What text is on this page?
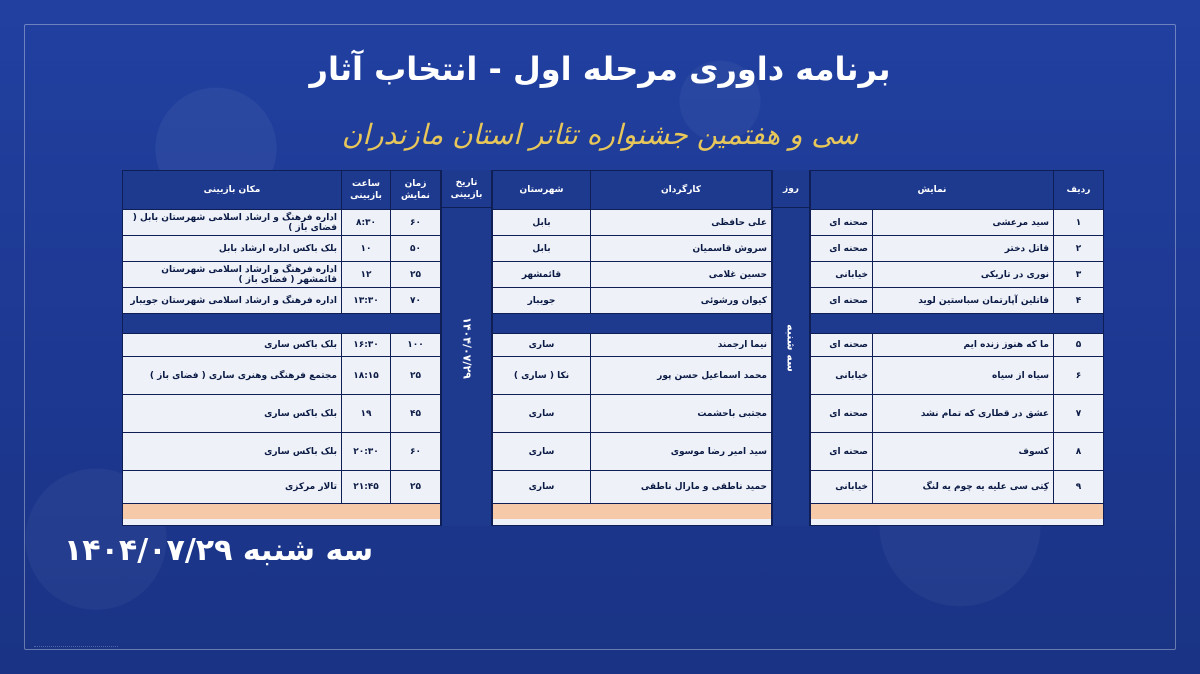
برنامه داوری مرحله اول - انتخاب آثار
سی و هفتمین جشنواره تئاتر استان مازندران
ردیف
نمایش
۱
سید مرعشی
صحنه ای
۲
قاتل دختر
صحنه ای
۳
نوری در تاریکی
خیابانی
۴
قاتلین آپارتمان سباستین لوید
صحنه ای
۵
ما که هنوز زنده ایم
صحنه ای
۶
سیاه از سیاه
خیابانی
۷
عشق در قطاری که تمام نشد
صحنه ای
۸
کسوف
صحنه ای
۹
کِتی سی علیه یه چوم یه لنگ
خیابانی
روز
سه شنبه
کارگردان
شهرستان
علی حافظی
بابل
سروش قاسمیان
بابل
حسین غلامی
قائمشهر
کیوان ورشوئی
جویبار
نیما ارجمند
ساری
محمد اسماعیل حسن پور
نکا ( ساری )
مجتبی باحشمت
ساری
سید امیر رضا موسوی
ساری
حمید ناطقی و مارال ناطقی
ساری
تاریخ بازبینی
۱۴۰۴/۰۷/۲۹
زمان نمایش
ساعت بازبینی
مکان بازبینی
۶۰
۸:۳۰
اداره فرهنگ و ارشاد اسلامی شهرستان بابل ( فضای باز )
۵۰
۱۰
بلک باکس اداره ارشاد بابل
۲۵
۱۲
اداره فرهنگ و ارشاد اسلامی شهرستان قائمشهر ( فضای باز )
۷۰
۱۳:۳۰
اداره فرهنگ و ارشاد اسلامی شهرستان جویبار
۱۰۰
۱۶:۳۰
بلک باکس ساری
۲۵
۱۸:۱۵
مجتمع فرهنگی وهنری ساری ( فضای باز )
۴۵
۱۹
بلک باکس ساری
۶۰
۲۰:۳۰
بلک باکس ساری
۲۵
۲۱:۴۵
تالار مرکزی
سه شنبه ۱۴۰۴/۰۷/۲۹
